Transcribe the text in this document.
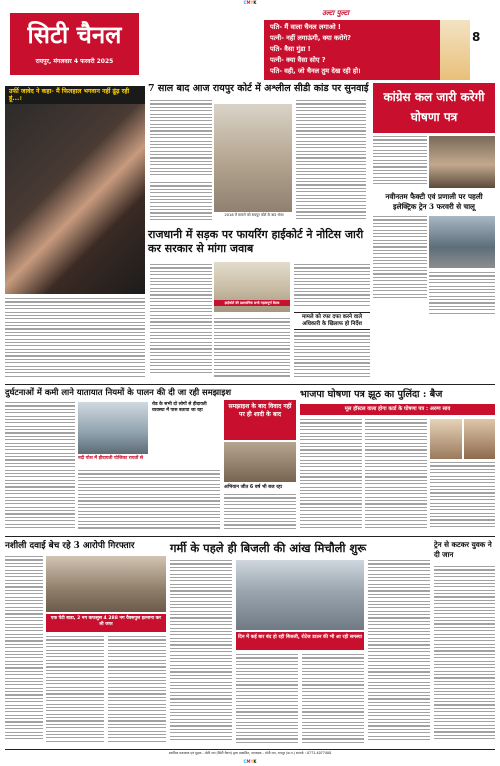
CMYK
सिटी चैनल
रायपुर, मंगलवार 4 फरवरी 2025
उल्टा पुल्टा
8
पति- मैं वाला चैनल लगाओ !
पत्नी- नहीं लगाऊंगी, क्या करोगे?
पति- वैसा गुंडा !
पत्नी- क्या वैसा सोए ?
पति- वही, जो चैनल तुम देख रही हो।
उर्फी जावेद ने कहा- मैं फिलहाल भगवान नहीं ढूंढ़ रही हूं...।
7 साल बाद आज रायपुर कोर्ट में अश्लील सीडी कांड पर सुनवाई
2018 में मामले को रायपुर कोर्ट के बाद भेजा
कांग्रेस कल जारी करेगी घोषणा पत्र
नवीनतम फैक्टी एवं प्रणाली पर पहली इलेक्ट्रिक ट्रेन 3 फरवरी से चालू
राजधानी में सड़क पर फायरिंग हाईकोर्ट ने नोटिस जारी कर सरकार से मांगा जवाब
हाईकोर्ट की प्रशासनिक सभी महत्वपूर्ण बैठक
मामले को रफा दफा करने वाले अधिकारी के खिलाफ हो निर्देश
दुर्घटनाओं में कमी लाने यातायात नियमों के पालन की दी जा रही समझाइश
नदी पोश में हीदायती योजिका रायतों से
रोड के सभी दो लोगों से हीदायती व्यवस्था में पास बताया जा रहा
समझाइश के बाद विवाद नहीं पर ही शादी के बाद
अभियान जीत 6 वर्ष भी बज रहा
भाजपा घोषणा पत्र झूठ का पुलिंदा : बैज
मूल हॉस्टल वाला होगा कार्ड के घोषणा पत्र : अरुण साव
नशीली दवाई बेच रहे 3 आरोपी गिरफ्तार
एक पेटी बाडा, 2 नग कफसुस 4 288 नग वैक्सपुल इतनाना कर ली जप्त
गर्मी के पहले ही बिजली की आंख मिचौली शुरू
दिन में कई बार बंद हो रही बिजली, रोटेज डाउन की भी आ रही समस्या
ट्रेन से कटकर युवक ने दी जान
स्वामित्व प्रकाशक एवं मुद्रक - मोती राम (सिटी चैनल) द्वारा प्रकाशित, सम्पादक - मोती राम, रायपुर (छ.ग.) सम्पर्क : 0771-4077400
CMYK
